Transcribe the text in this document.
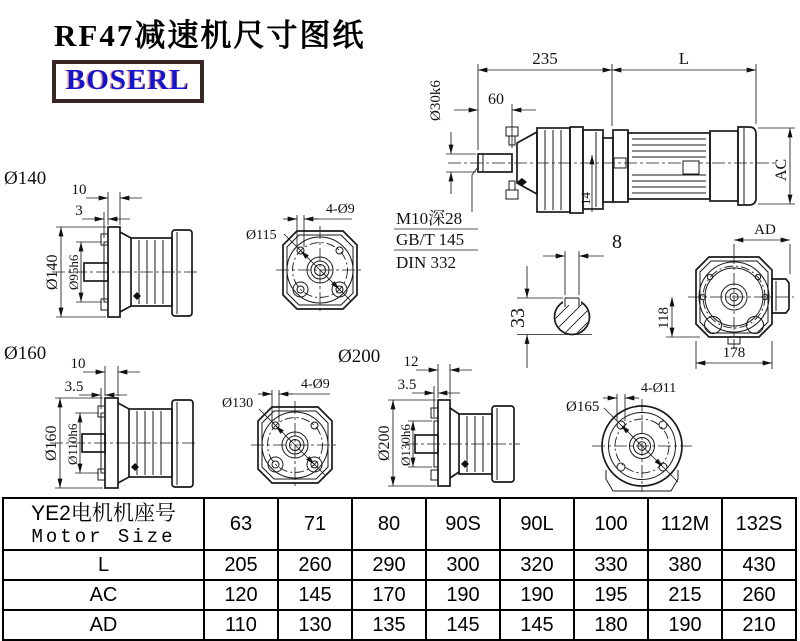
RF47减速机尺寸图纸
BOSERL
235	L
60
Ø30k6
14
AC
AD
M10深28
GB/T 145
DIN 332
8
33	118
178
Ø140
10
3
Ø140 Ø95h6
Ø115
4-Ø9
Ø160 10
3.5
Ø160 Ø110h6
Ø130
4-Ø9
Ø200 12
3.5
Ø200 Ø130h6
Ø165
4-Ø11
YE2电机机座号
Motor Size	63	71	80	90S	90L	100	112M	132S
L	205	260	290	300	320	330	380	430
AC	120	145	170	190	190	195	215	260
AD	110	130	135	145	145	180	190	210
